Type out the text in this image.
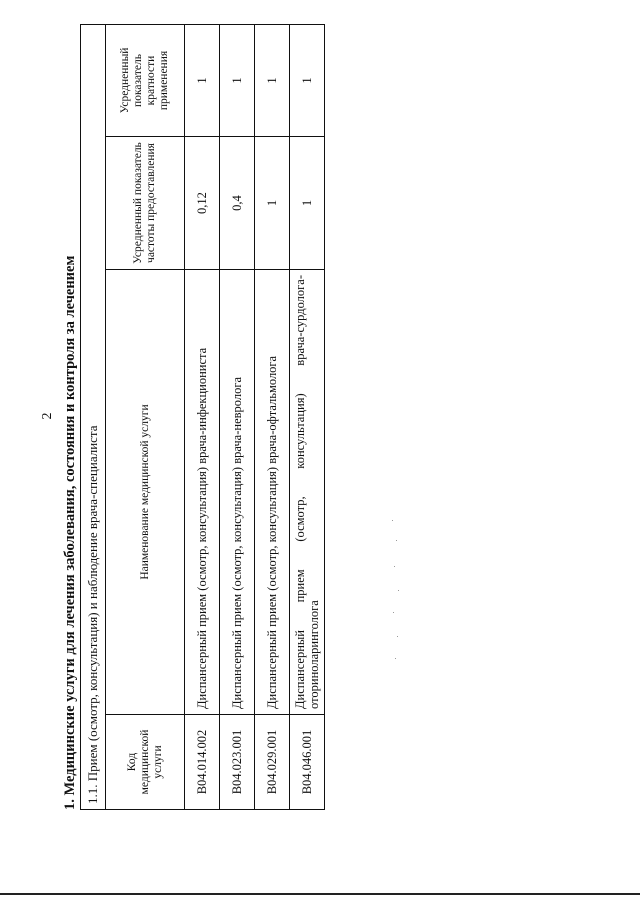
2 1. Медицинские услуги для лечения заболевания, состояния и контроля за лечением 1.1. Прием (осмотр, консультация) и наблюдение врача-специалиста			
Код медицинской услуги	Наименование медицинской услуги	Усредненный показатель частоты предоставления	Усредненный показатель кратности применения
B04.014.002	Диспансерный прием (осмотр, консультация) врача-инфекциониста	0,12	1
B04.023.001	Диспансерный прием (осмотр, консультация) врача-невролога	0,4	1
B04.029.001	Диспансерный прием (осмотр, консультация) врача-офтальмолога	1	1
B04.046.001	Диспансерный прием (осмотр, консультация) врача-сурдолога-оториноларинголога	1	1
